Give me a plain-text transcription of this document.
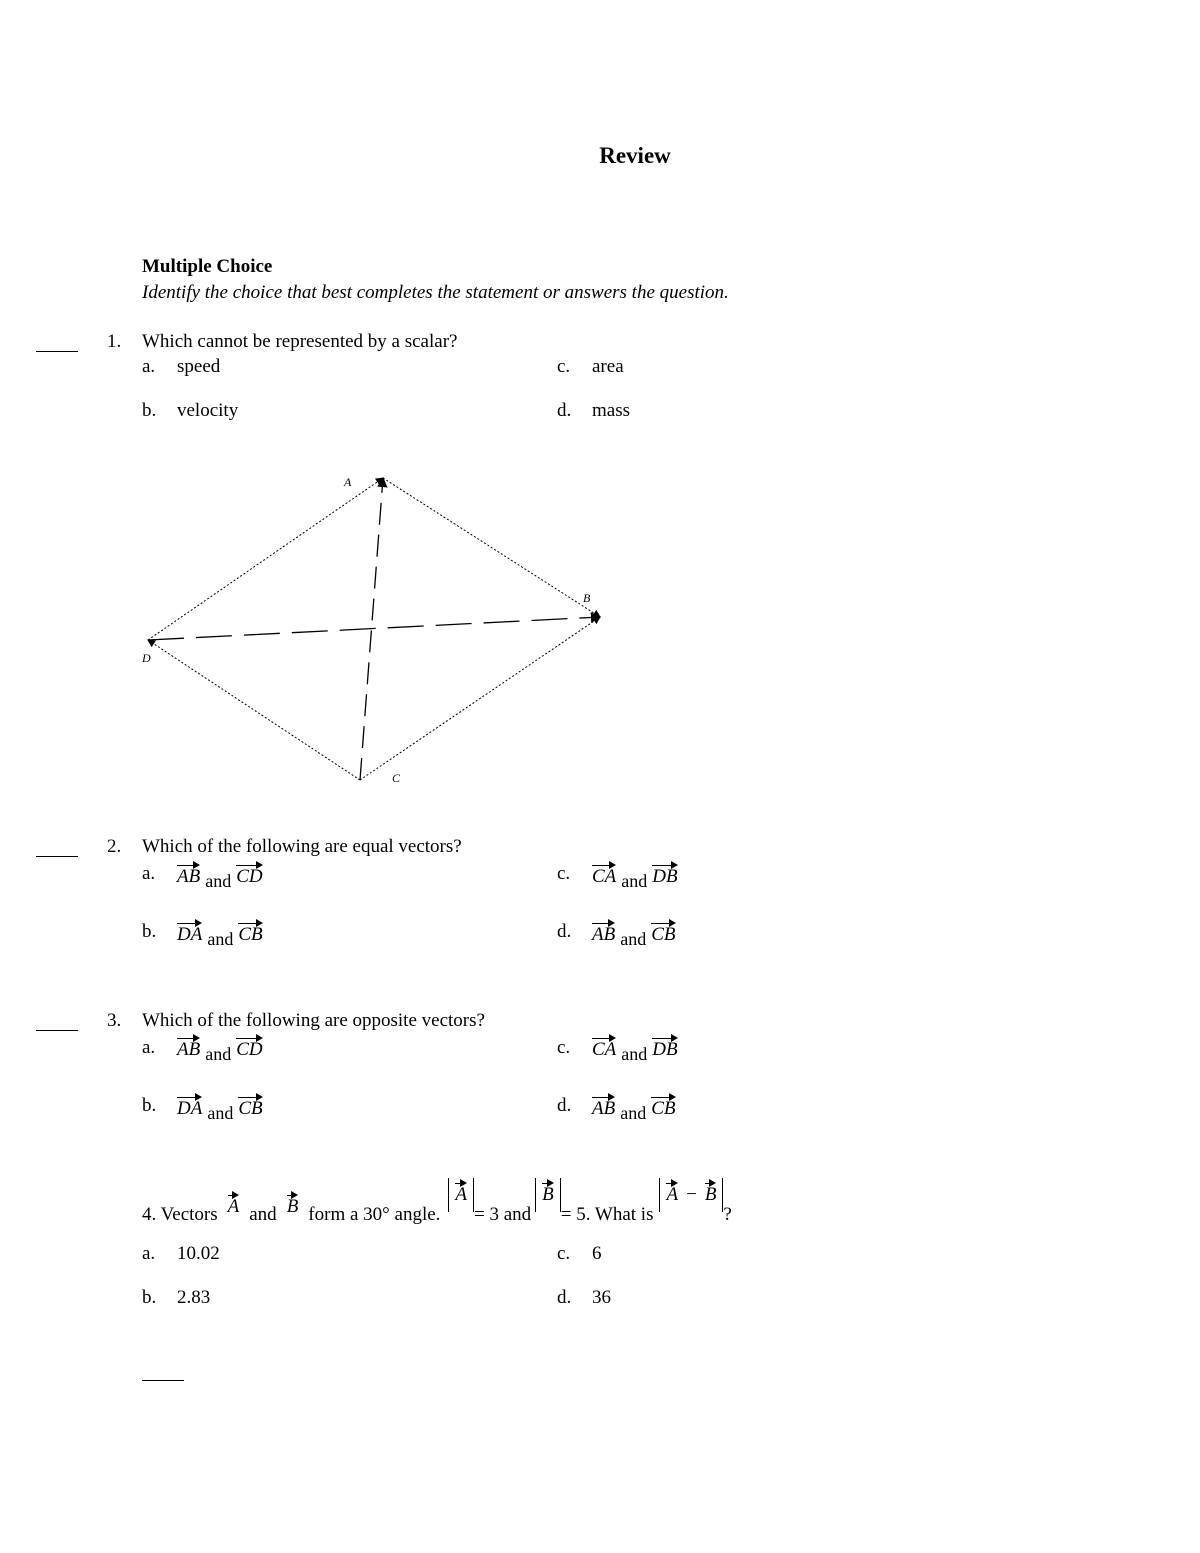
Review
Multiple Choice
Identify the choice that best completes the statement or answers the question.
1.	Which cannot be represented by a scalar?
a. speed
b. velocity
c. area
d. mass
A
B
C
D
2.	Which of the following are equal vectors?
a. AB and CD
b. DA and CB
c. CA and DB
d. AB and CB
3.	Which of the following are opposite vectors?
a. AB and CD
b. DA and CB
c. CA and DB
d. AB and CB
4. Vectors A and B form a 30° angle.
A
= 3 and
B
= 5. What is
A − B
?
a. 10.02
b. 2.83
c. 6
d. 36
